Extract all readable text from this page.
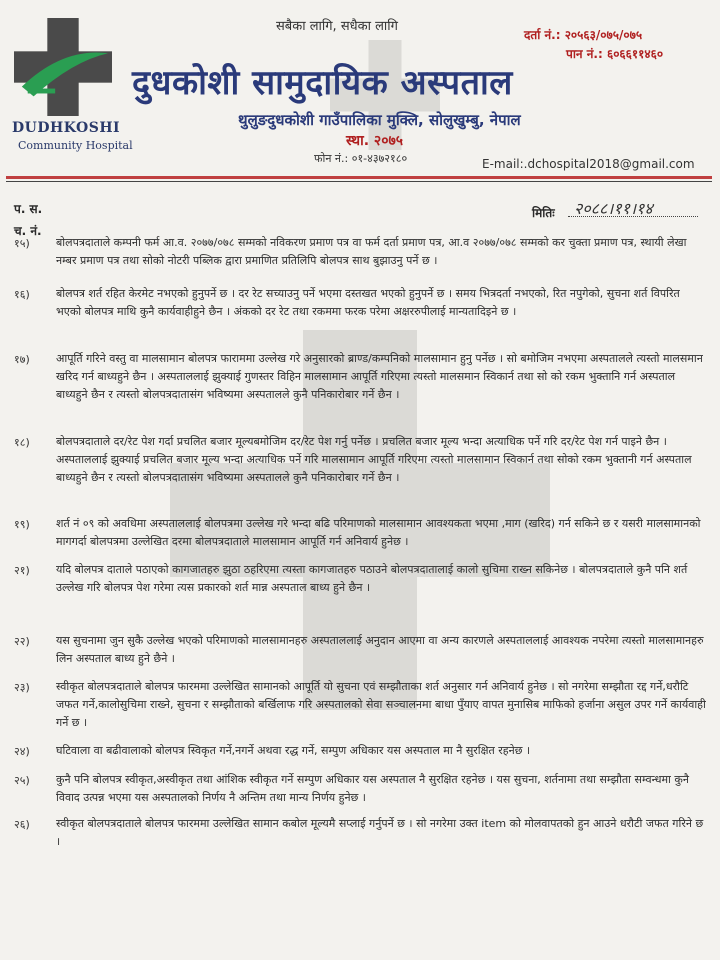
DUDHKOSHI
Community Hospital
सबैका लागि, सधैका लागि
दर्ता नं.: २०५६३/०७५/०७५
पान नं.: ६०६६११४६०
दुधकोशी सामुदायिक अस्पताल
थुलुङदुधकोशी गाउँपालिका मुक्लि, सोलुखुम्बु, नेपाल
स्था. २०७५
फोन नं.: ०१-४३७२१८०	E-mail:.dchospital2018@gmail.com
प. स.
च. नं.
मितिः २०८८।११।१४
१५) बोलपत्रदाताले कम्पनी फर्म आ.व. २०७७/०७८ सम्मको नविकरण प्रमाण पत्र वा फर्म दर्ता प्रमाण पत्र, आ.व २०७७/०७८ सम्मको कर चुक्ता प्रमाण पत्र, स्थायी लेखा नम्बर प्रमाण पत्र तथा सोको नोटरी पब्लिक द्वारा प्रमाणित प्रतिलिपि बोलपत्र साथ बुझाउनु पर्ने छ ।
१६) बोलपत्र शर्त रहित केरमेट नभएको हुनुपर्ने छ । दर रेट सच्याउनु पर्ने भएमा दस्तखत भएको हुनुपर्ने छ । समय भित्रदर्ता नभएको, रित नपुगेको, सुचना शर्त विपरित भएको बोलपत्र माथि कुनै कार्यवाहीहुने छैन । अंकको दर रेट तथा रकममा फरक परेमा अक्षररुपीलाई मान्यतादिइने छ ।
१७) आपूर्ति गरिने वस्तु वा मालसामान बोलपत्र फाराममा उल्लेख गरे अनुसारको ब्राण्ड/कम्पनिको मालसामान हुनु पर्नेछ । सो बमोजिम नभएमा अस्पतालले त्यस्तो मालसमान खरिद गर्न बाध्यहुने छैन । अस्पताललाई झुक्याई गुणस्तर विहिन मालसामान आपूर्ति गरिएमा त्यस्तो मालसमान स्विकार्न तथा सो को रकम भुक्तानि गर्न अस्पताल बाध्यहुने छैन र त्यस्तो बोलपत्रदातासंग भविष्यमा अस्पतालले कुनै पनिकारोबार गर्ने छैन ।
१८) बोलपत्रदाताले दर/रेट पेश गर्दा प्रचलित बजार मूल्यबमोजिम दर/रेट पेश गर्नु पर्नेछ । प्रचलित बजार मूल्य भन्दा अत्याधिक पर्ने गरि दर/रेट पेश गर्न पाइने छैन । अस्पताललाई झुक्याई प्रचलित बजार मूल्य भन्दा अत्याधिक पर्ने गरि मालसामान आपूर्ति गरिएमा त्यस्तो मालसामान स्विकार्न तथा सोको रकम भुक्तानी गर्न अस्पताल बाध्यहुने छैन र त्यस्तो बोलपत्रदातासंग भविष्यमा अस्पतालले कुनै पनिकारोबार गर्ने छैन ।
१९) शर्त नं ०९ को अवधिमा अस्पताललाई बोलपत्रमा उल्लेख गरे भन्दा बढि परिमाणको मालसामान आवश्यकता भएमा ,माग (खरिद) गर्न सकिने छ र यसरी मालसामानको मागगर्दा बोलपत्रमा उल्लेखित दरमा बोलपत्रदाताले मालसामान आपूर्ति गर्न अनिवार्य हुनेछ ।
२१) यदि बोलपत्र दाताले पठाएको कागजातहरु झुठा ठहरिएमा त्यस्ता कागजातहरु पठाउने बोलपत्रदातालाई कालो सुचिमा राख्न सकिनेछ । बोलपत्रदाताले कुनै पनि शर्त उल्लेख गरि बोलपत्र पेश गरेमा त्यस प्रकारको शर्त मान्न अस्पताल बाध्य हुने छैन ।
२२) यस सुचनामा जुन सुकै उल्लेख भएको परिमाणको मालसामानहरु अस्पताललाई अनुदान आएमा वा अन्य कारणले अस्पताललाई आवश्यक नपरेमा त्यस्तो मालसामानहरु लिन अस्पताल बाध्य हुने छैने ।
२३) स्वीकृत बोलपत्रदाताले बोलपत्र फारममा उल्लेखित सामानको आपूर्ति यो सुचना एवं सम्झौताका शर्त अनुसार गर्न अनिवार्य हुनेछ । सो नगरेमा सम्झौता रद्द गर्ने,धरौटि जफत गर्ने,कालोसुचिमा राख्ने, सुचना र सम्झौताको बर्खिलाफ गरि अस्पतालको सेवा सञ्चालनमा बाधा पुँयाए वापत मुनासिब माफिको हर्जाना असुल उपर गर्ने कार्यवाही गर्ने छ ।
२४) घटिवाला वा बढीवालाको बोलपत्र स्विकृत गर्ने,नगर्ने अथवा रद्ध गर्ने, सम्पुण अधिकार यस अस्पताल मा नै सुरक्षित रहनेछ ।
२५) कुनै पनि बोलपत्र स्वीकृत,अस्वीकृत तथा आंशिक स्वीकृत गर्ने सम्पुण अधिकार यस अस्पताल नै सुरक्षित रहनेछ । यस सुचना, शर्तनामा तथा सम्झौता सम्वन्धमा कुनै विवाद उत्पन्न भएमा यस अस्पतालको निर्णय नै अन्तिम तथा मान्य निर्णय हुनेछ ।
२६) स्वीकृत बोलपत्रदाताले बोलपत्र फारममा उल्लेखित सामान कबोल मूल्यमै सप्लाई गर्नुपर्ने छ । सो नगरेमा उक्त item को मोलवापतको हुन आउने धरौटी जफत गरिने छ ।
